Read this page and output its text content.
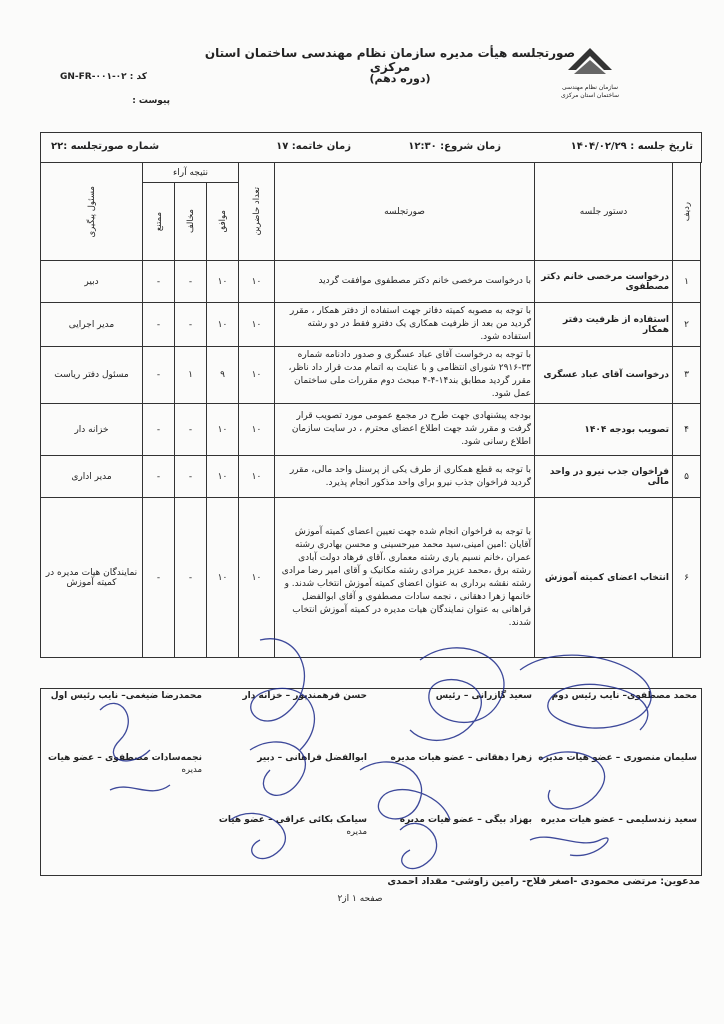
سازمان نظام مهندسی ساختمان استان مرکزی
صورتجلسه هیأت مدیره سازمان نظام مهندسی ساختمان استان مرکزی
(دوره دهم)
کد : GN-FR-۰۰۱-۰۲
پیوست :
تاریخ جلسه : ۱۴۰۴/۰۲/۲۹
زمان شروع: ۱۲:۳۰
زمان خاتمه: ۱۷
شماره صورتجلسه :۲۲
ردیف	دستور جلسه	صورتجلسه	تعداد حاضرین	نتیجه آراء			مسئول پیگیری

				موافق	مخالف	ممتنع	

۱	درخواست مرخصی خانم دکتر مصطفوی	با درخواست مرخصی خانم دکتر مصطفوی موافقت گردید	۱۰	۱۰	-	-	دبیر
۲	استفاده از ظرفیت دفتر همکار	با توجه به مصوبه کمیته دفاتر جهت استفاده از دفتر همکار ، مقرر گردید من بعد از ظرفیت همکاری یک دفترو فقط در دو رشته استفاده شود.	۱۰	۱۰	-	-	مدیر اجرایی
۳	درخواست آقای عباد عسگری	با توجه به درخواست آقای عباد عسگری و صدور دادنامه شماره ۳۳-۲۹۱۶ شورای انتظامی و با عنایت به اتمام مدت قرار داد ناظر، مقرر گردید مطابق بند۱۴-۴-۴ مبحث دوم مقررات ملی ساختمان عمل شود.	۱۰	۹	۱	-	مسئول دفتر ریاست
۴	تصویب بودجه ۱۴۰۴	بودجه پیشنهادی جهت طرح در مجمع عمومی مورد تصویب قرار گرفت و مقرر شد جهت اطلاع اعضای محترم ، در سایت سازمان اطلاع رسانی شود.	۱۰	۱۰	-	-	خزانه دار
۵	فراخوان جذب نیرو در واحد مالی	با توجه به قطع همکاری از طرف یکی از پرسنل واحد مالی، مقرر گردید فراخوان جذب نیرو برای واحد مذکور انجام پذیرد.	۱۰	۱۰	-	-	مدیر اداری
۶	انتخاب اعضای کمیته آموزش	با توجه به فراخوان انجام شده جهت تعیین اعضای کمیته آموزش آقایان :امین امینی،سید محمد میرحسینی و محسن بهادری رشته عمران ،خانم نسیم یاری رشته معماری ،آقای فرهاد دولت آبادی رشته برق ،محمد عزیز مرادی رشته مکانیک و آقای امیر رضا مرادی رشته نقشه برداری به عنوان اعضای کمیته آموزش انتخاب شدند. و خانمها زهرا دهقانی ، نجمه سادات مصطفوی و آقای ابوالفضل فراهانی به عنوان نمایندگان هیات مدیره در کمیته آموزش انتخاب شدند.	۱۰	۱۰	-	-	نمایندگان هیات مدیره در کمیته آموزش
محمد مصطفوی– نایب رئیس دوم
سعید گازرانی – رئیس
حسن فرهمندپور – خزانه دار
محمدرضا ضیغمی– نایب رئیس اول
سلیمان منصوری – عضو هیات مدیره
زهرا دهقانی – عضو هیات مدیره
ابوالفضل فراهانی – دبیر
نجمه‌سادات مصطفوی – عضو هیات
مدیره
سعید زندسلیمی – عضو هیات مدیره
بهزاد بیگی – عضو هیات مدیره
سیامک بکائی عراقی – عضو هیات
مدیره
مدعوین: مرتضی محمودی -اصغر فلاح- رامین زاوشی- مقداد احمدی
صفحه ۱ از۲
